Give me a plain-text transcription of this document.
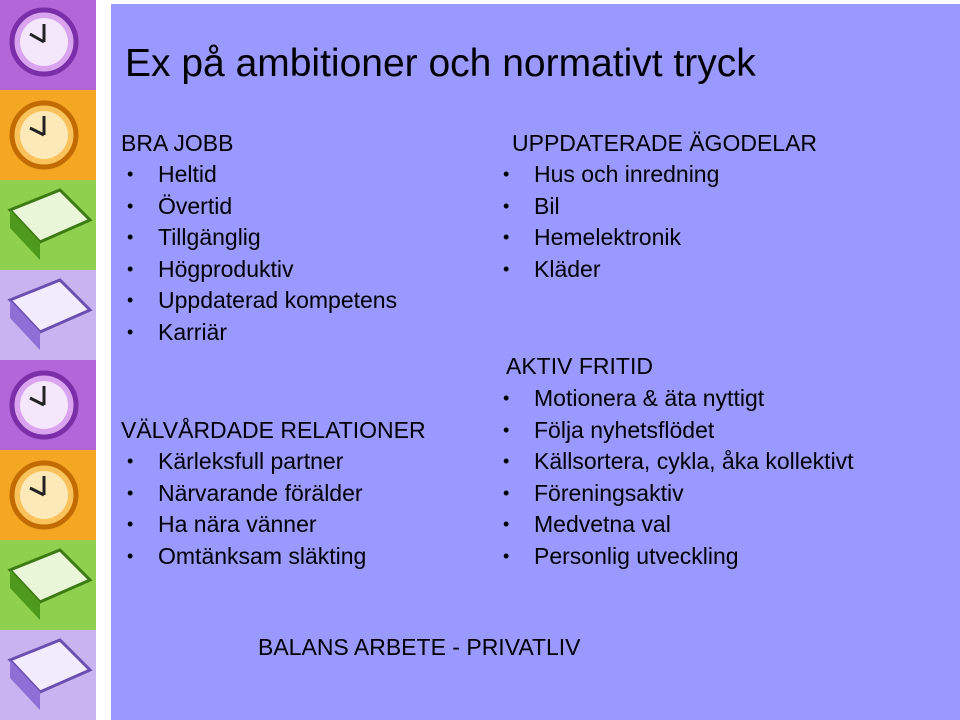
Ex på ambitioner och normativt tryck
BRA JOBB
• Heltid
• Övertid
• Tillgänglig
• Högproduktiv
• Uppdaterad kompetens
• Karriär
VÄLVÅRDADE RELATIONER
• Kärleksfull partner
• Närvarande förälder
• Ha nära vänner
• Omtänksam släkting
UPPDATERADE ÄGODELAR
• Hus och inredning
• Bil
• Hemelektronik
• Kläder
AKTIV FRITID
• Motionera & äta nyttigt
• Följa nyhetsflödet
• Källsortera, cykla, åka kollektivt
• Föreningsaktiv
• Medvetna val
• Personlig utveckling
BALANS ARBETE - PRIVATLIV
